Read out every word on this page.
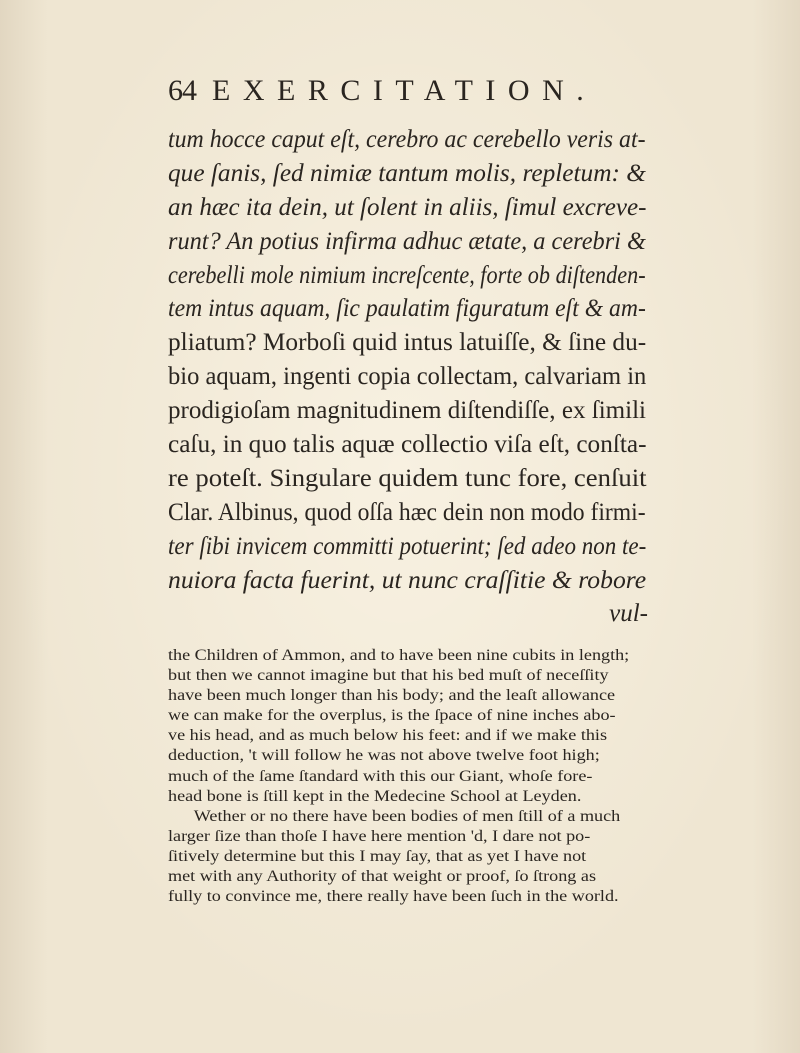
64 EXERCITATION.
tum hocce caput eſt, cerebro ac cerebello veris at-
que ſanis, ſed nimiæ tantum molis, repletum: &
an hæc ita dein, ut ſolent in aliis, ſimul excreve-
runt? An potius infirma adhuc ætate, a cerebri &
cerebelli mole nimium increſcente, forte ob diſtenden-
tem intus aquam, ſic paulatim figuratum eſt & am-
pliatum? Morboſi quid intus latuiſſe, & ſine du-
bio aquam, ingenti copia collectam, calvariam in
prodigioſam magnitudinem diſtendiſſe, ex ſimili
caſu, in quo talis aquæ collectio viſa eſt, conſta-
re poteſt. Singulare quidem tunc fore, cenſuit
Clar. Albinus, quod oſſa hæc dein non modo firmi-
ter ſibi invicem committi potuerint; ſed adeo non te-
nuiora facta fuerint, ut nunc craſſitie & robore
vul-
the Children of Ammon, and to have been nine cubits in length;
but then we cannot imagine but that his bed muſt of neceſſity
have been much longer than his body; and the leaſt allowance
we can make for the overplus, is the ſpace of nine inches abo-
ve his head, and as much below his feet: and if we make this
deduction, 't will follow he was not above twelve foot high;
much of the ſame ſtandard with this our Giant, whoſe fore-
head bone is ſtill kept in the Medecine School at Leyden.
Wether or no there have been bodies of men ſtill of a much
larger ſize than thoſe I have here mention 'd, I dare not po-
ſitively determine but this I may ſay, that as yet I have not
met with any Authority of that weight or proof, ſo ſtrong as
fully to convince me, there really have been ſuch in the world.
